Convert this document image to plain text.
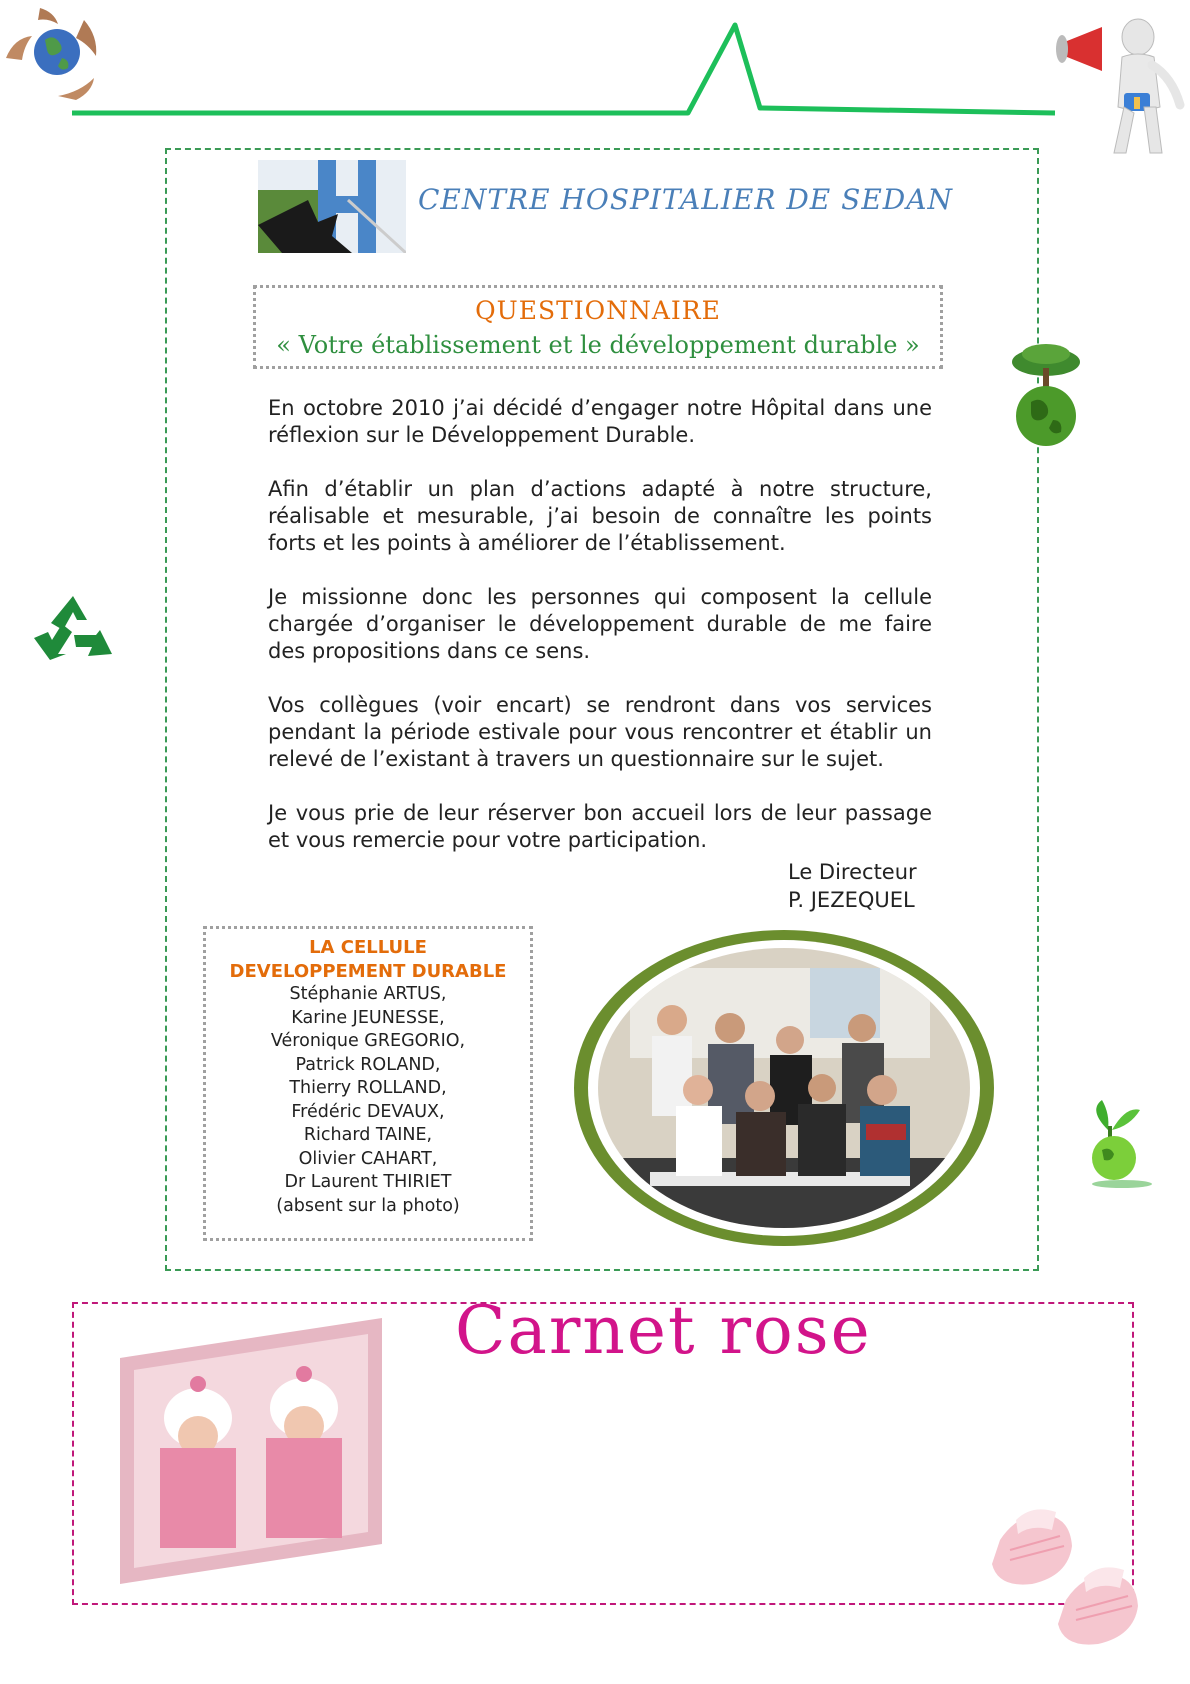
CENTRE HOSPITALIER DE SEDAN
QUESTIONNAIRE
« Votre établissement et le développement durable »

En octobre 2010 j’ai décidé d’engager notre Hôpital dans une réflexion sur le Développement Durable.

Afin d’établir un plan d’actions adapté à notre structure, réalisable et mesurable, j’ai besoin de connaître les points forts et les points à améliorer de l’établissement.

Je missionne donc les personnes qui composent la cellule chargée d’organiser le développement durable de me faire des propositions dans ce sens.

Vos collègues (voir encart) se rendront dans vos services pendant la période estivale pour vous rencontrer et établir un relevé de l’existant à travers un questionnaire sur le sujet.

Je vous prie de leur réserver bon accueil lors de leur passage et vous remercie pour votre participation.

Le Directeur
P. JEZEQUEL
LA CELLULE
DEVELOPPEMENT DURABLE
Stéphanie ARTUS,
Karine JEUNESSE,
Véronique GREGORIO,
Patrick ROLAND,
Thierry ROLLAND,
Frédéric DEVAUX,
Richard TAINE,
Olivier CAHART,
Dr Laurent THIRIET
(absent sur la photo)
Carnet rose
